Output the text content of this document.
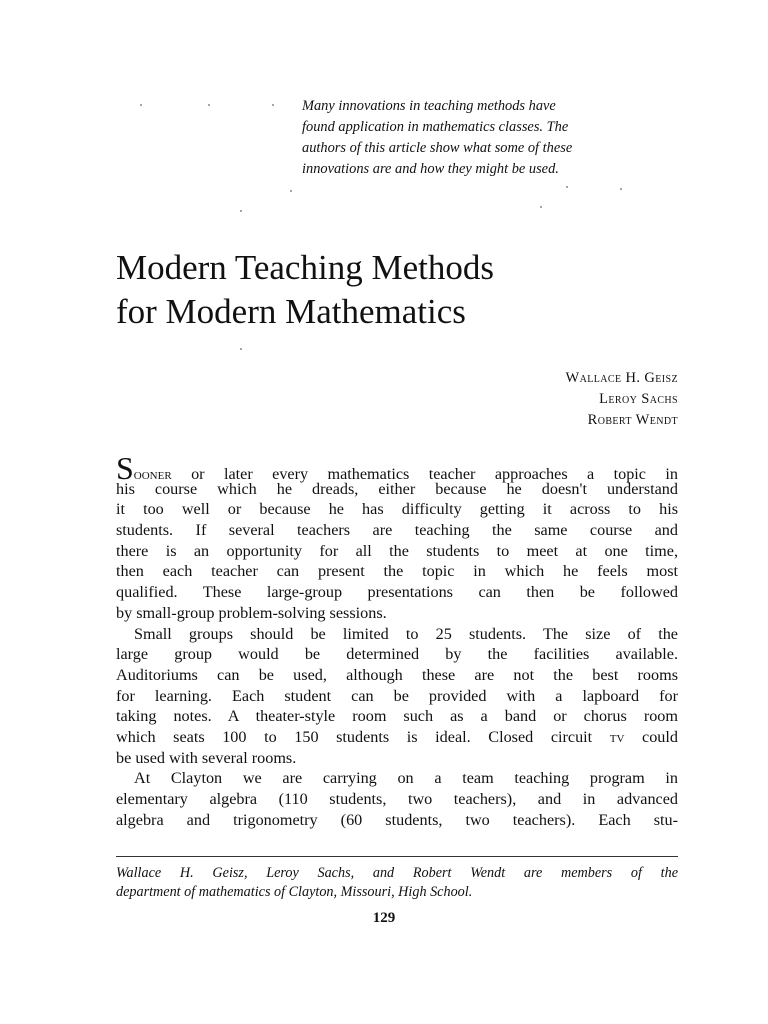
Many innovations in teaching methods have
found application in mathematics classes. The
authors of this article show what some of these
innovations are and how they might be used.
Modern Teaching Methods
for Modern Mathematics
Wallace H. Geisz
Leroy Sachs
Robert Wendt
Sooner or later every mathematics teacher approaches a topic in
his course which he dreads, either because he doesn't understand
it too well or because he has difficulty getting it across to his
students. If several teachers are teaching the same course and
there is an opportunity for all the students to meet at one time,
then each teacher can present the topic in which he feels most
qualified. These large-group presentations can then be followed
by small-group problem-solving sessions.
Small groups should be limited to 25 students. The size of the
large group would be determined by the facilities available.
Auditoriums can be used, although these are not the best rooms
for learning. Each student can be provided with a lapboard for
taking notes. A theater-style room such as a band or chorus room
which seats 100 to 150 students is ideal. Closed circuit tv could
be used with several rooms.
At Clayton we are carrying on a team teaching program in
elementary algebra (110 students, two teachers), and in advanced
algebra and trigonometry (60 students, two teachers). Each stu-
Wallace H. Geisz, Leroy Sachs, and Robert Wendt are members of the
department of mathematics of Clayton, Missouri, High School.
129
